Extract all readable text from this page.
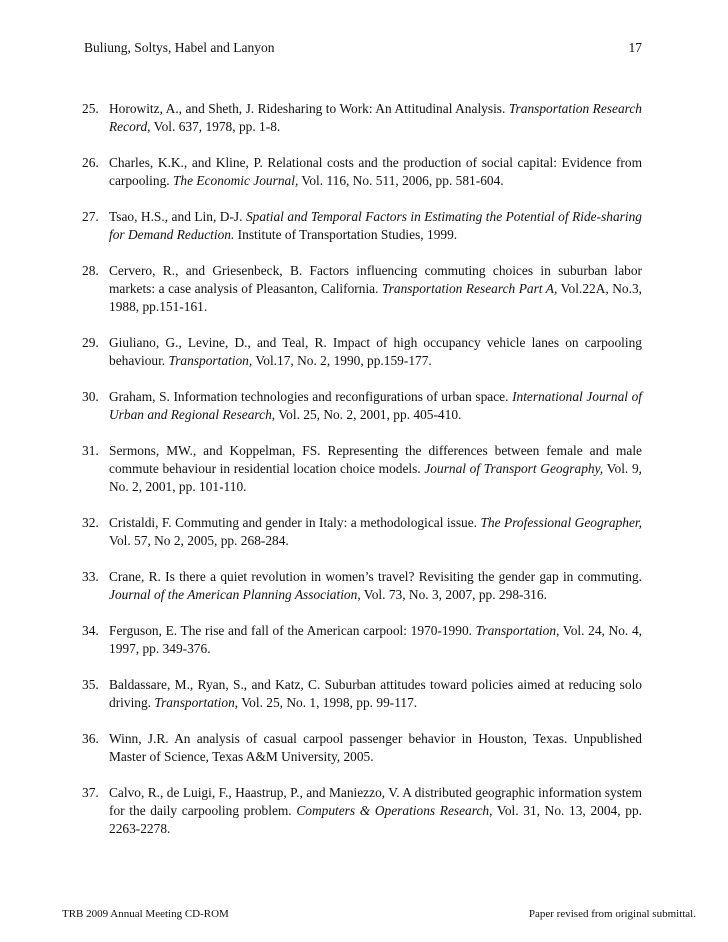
Buliung, Soltys, Habel and Lanyon	17
25. Horowitz, A., and Sheth, J. Ridesharing to Work: An Attitudinal Analysis. Transportation Research Record, Vol. 637, 1978, pp. 1-8.
26. Charles, K.K., and Kline, P. Relational costs and the production of social capital: Evidence from carpooling. The Economic Journal, Vol. 116, No. 511, 2006, pp. 581-604.
27. Tsao, H.S., and Lin, D-J. Spatial and Temporal Factors in Estimating the Potential of Ride-sharing for Demand Reduction. Institute of Transportation Studies, 1999.
28. Cervero, R., and Griesenbeck, B. Factors influencing commuting choices in suburban labor markets: a case analysis of Pleasanton, California. Transportation Research Part A, Vol.22A, No.3, 1988, pp.151-161.
29. Giuliano, G., Levine, D., and Teal, R. Impact of high occupancy vehicle lanes on carpooling behaviour. Transportation, Vol.17, No. 2, 1990, pp.159-177.
30. Graham, S. Information technologies and reconfigurations of urban space. International Journal of Urban and Regional Research, Vol. 25, No. 2, 2001, pp. 405-410.
31. Sermons, MW., and Koppelman, FS. Representing the differences between female and male commute behaviour in residential location choice models. Journal of Transport Geography, Vol. 9, No. 2, 2001, pp. 101-110.
32. Cristaldi, F. Commuting and gender in Italy: a methodological issue. The Professional Geographer, Vol. 57, No 2, 2005, pp. 268-284.
33. Crane, R. Is there a quiet revolution in women’s travel? Revisiting the gender gap in commuting. Journal of the American Planning Association, Vol. 73, No. 3, 2007, pp. 298-316.
34. Ferguson, E. The rise and fall of the American carpool: 1970-1990. Transportation, Vol. 24, No. 4, 1997, pp. 349-376.
35. Baldassare, M., Ryan, S., and Katz, C. Suburban attitudes toward policies aimed at reducing solo driving. Transportation, Vol. 25, No. 1, 1998, pp. 99-117.
36. Winn, J.R. An analysis of casual carpool passenger behavior in Houston, Texas. Unpublished Master of Science, Texas A&M University, 2005.
37. Calvo, R., de Luigi, F., Haastrup, P., and Maniezzo, V. A distributed geographic information system for the daily carpooling problem. Computers & Operations Research, Vol. 31, No. 13, 2004, pp. 2263-2278.
TRB 2009 Annual Meeting CD-ROM	Paper revised from original submittal.
